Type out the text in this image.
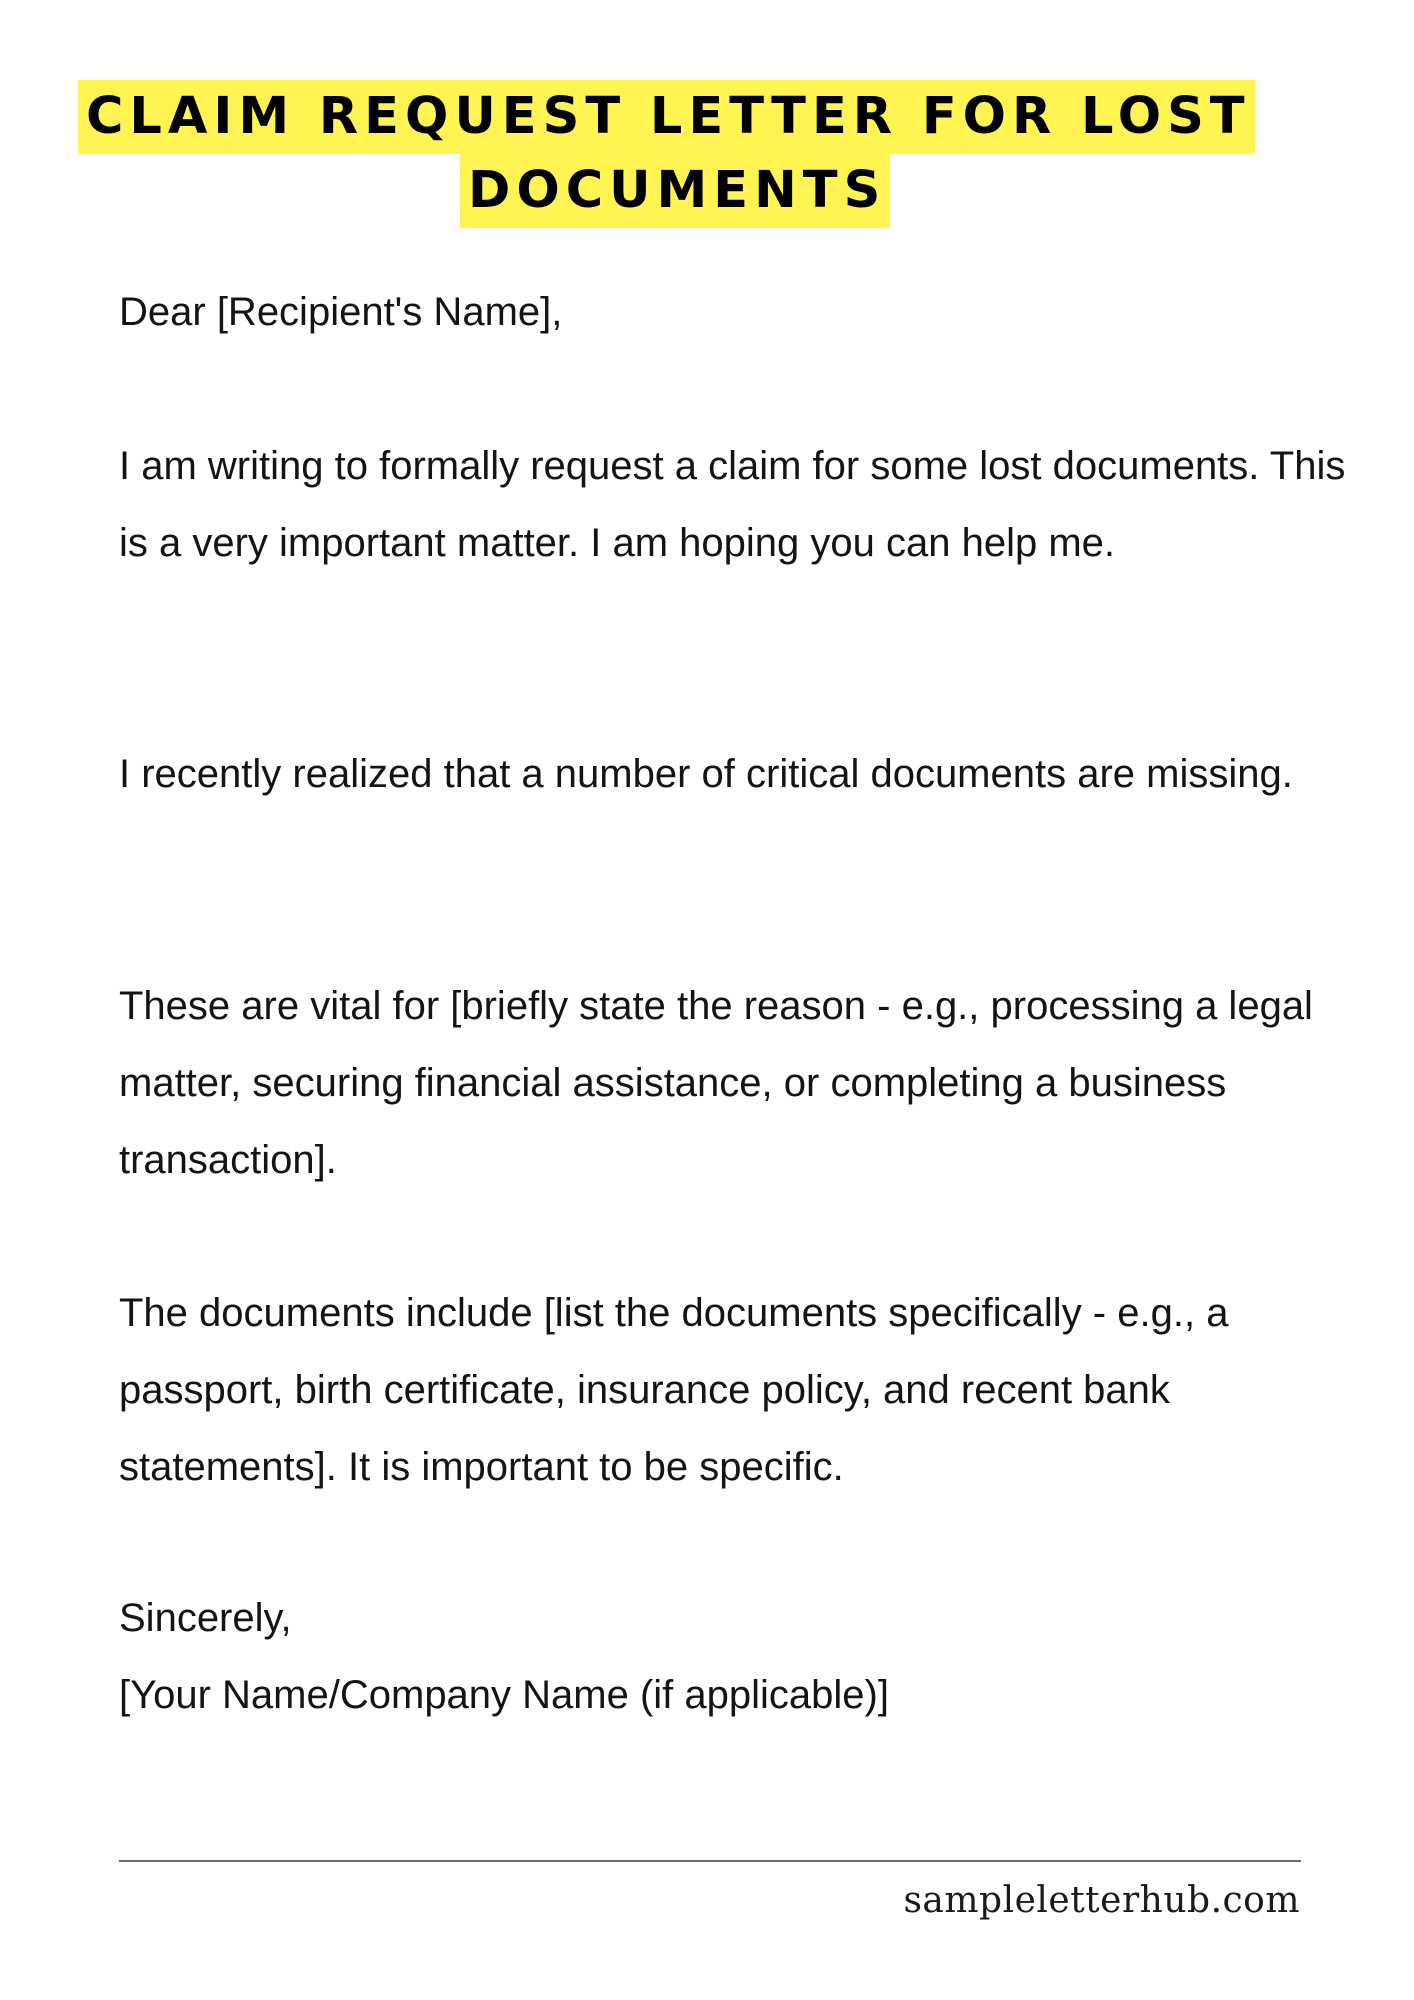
CLAIM REQUEST LETTER FOR LOST
DOCUMENTS

Dear [Recipient's Name],

I am writing to formally request a claim for some lost documents. This is a very important matter. I am hoping you can help me.

I recently realized that a number of critical documents are missing.

These are vital for [briefly state the reason - e.g., processing a legal matter, securing financial assistance, or completing a business transaction].

The documents include [list the documents specifically - e.g., a passport, birth certificate, insurance policy, and recent bank statements]. It is important to be specific.

Sincerely,

[Your Name/Company Name (if applicable)]

sampleletterhub.com
